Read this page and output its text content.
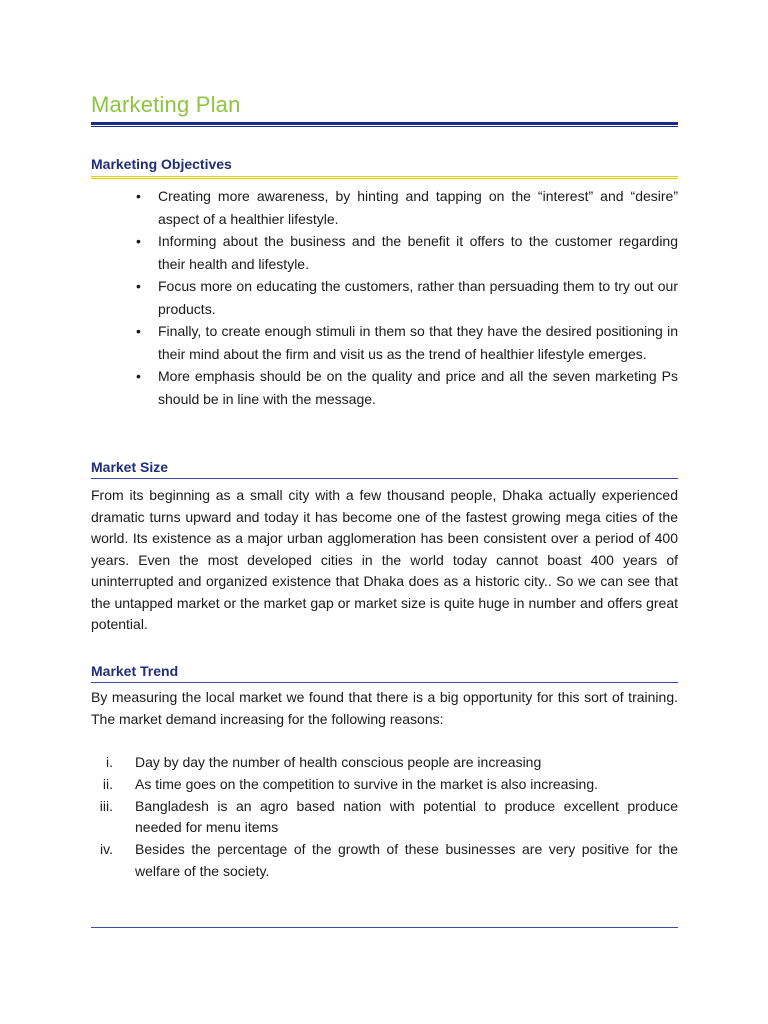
Marketing Plan
Marketing Objectives
• Creating more awareness, by hinting and tapping on the “interest” and “desire” aspect of a healthier lifestyle.
• Informing about the business and the benefit it offers to the customer regarding their health and lifestyle.
• Focus more on educating the customers, rather than persuading them to try out our products.
• Finally, to create enough stimuli in them so that they have the desired positioning in their mind about the firm and visit us as the trend of healthier lifestyle emerges.
• More emphasis should be on the quality and price and all the seven marketing Ps should be in line with the message.
Market Size

From its beginning as a small city with a few thousand people, Dhaka actually experienced dramatic turns upward and today it has become one of the fastest growing mega cities of the world. Its existence as a major urban agglomeration has been consistent over a period of 400 years. Even the most developed cities in the world today cannot boast 400 years of uninterrupted and organized existence that Dhaka does as a historic city.. So we can see that the untapped market or the market gap or market size is quite huge in number and offers great potential.

Market Trend

By measuring the local market we found that there is a big opportunity for this sort of training. The market demand increasing for the following reasons:

i. Day by day the number of health conscious people are increasing
ii. As time goes on the competition to survive in the market is also increasing.
iii. Bangladesh is an agro based nation with potential to produce excellent produce needed for menu items
iv. Besides the percentage of the growth of these businesses are very positive for the welfare of the society.
